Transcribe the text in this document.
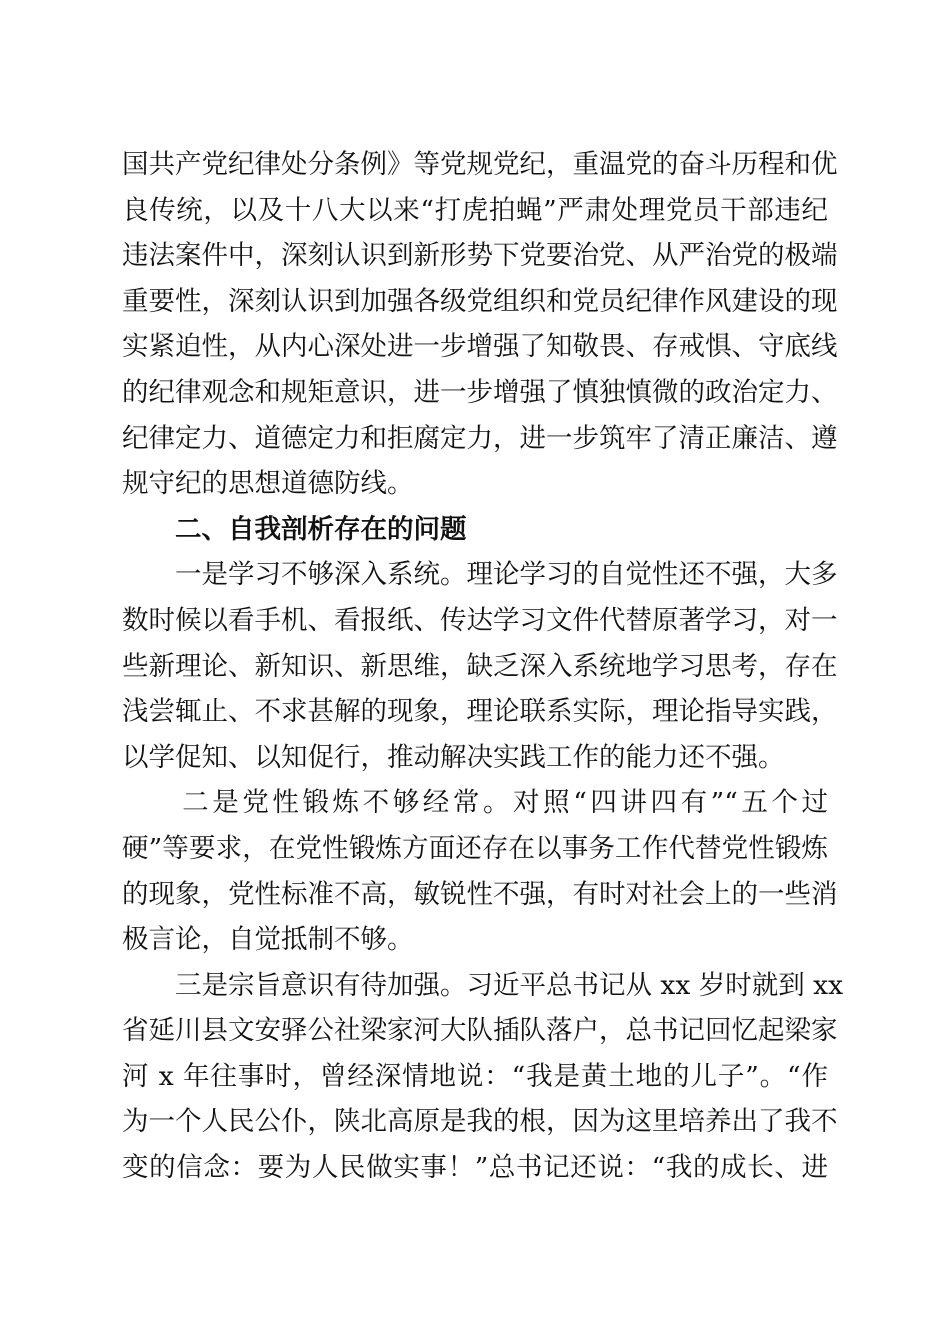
国共产党纪律处分条例》等党规党纪，重温党的奋斗历程和优
良传统，以及十八大以来“打虎拍蝇”严肃处理党员干部违纪
违法案件中，深刻认识到新形势下党要治党、从严治党的极端
重要性，深刻认识到加强各级党组织和党员纪律作风建设的现
实紧迫性，从内心深处进一步增强了知敬畏、存戒惧、守底线
的纪律观念和规矩意识，进一步增强了慎独慎微的政治定力、
纪律定力、道德定力和拒腐定力，进一步筑牢了清正廉洁、遵
规守纪的思想道德防线。
　　二、自我剖析存在的问题
　　一是学习不够深入系统。理论学习的自觉性还不强，大多
数时候以看手机、看报纸、传达学习文件代替原著学习，对一
些新理论、新知识、新思维，缺乏深入系统地学习思考，存在
浅尝辄止、不求甚解的现象，理论联系实际，理论指导实践，
以学促知、以知促行，推动解决实践工作的能力还不强。
　　二是党性锻炼不够经常。对照“四讲四有”“五个过
硬”等要求，在党性锻炼方面还存在以事务工作代替党性锻炼
的现象，党性标准不高，敏锐性不强，有时对社会上的一些消
极言论，自觉抵制不够。
　　三是宗旨意识有待加强。习近平总书记从 xx 岁时就到 xx
省延川县文安驿公社梁家河大队插队落户，总书记回忆起梁家
河 x 年往事时，曾经深情地说：“我是黄土地的儿子”。“作
为一个人民公仆，陕北高原是我的根，因为这里培养出了我不
变的信念：要为人民做实事！”总书记还说：“我的成长、进
